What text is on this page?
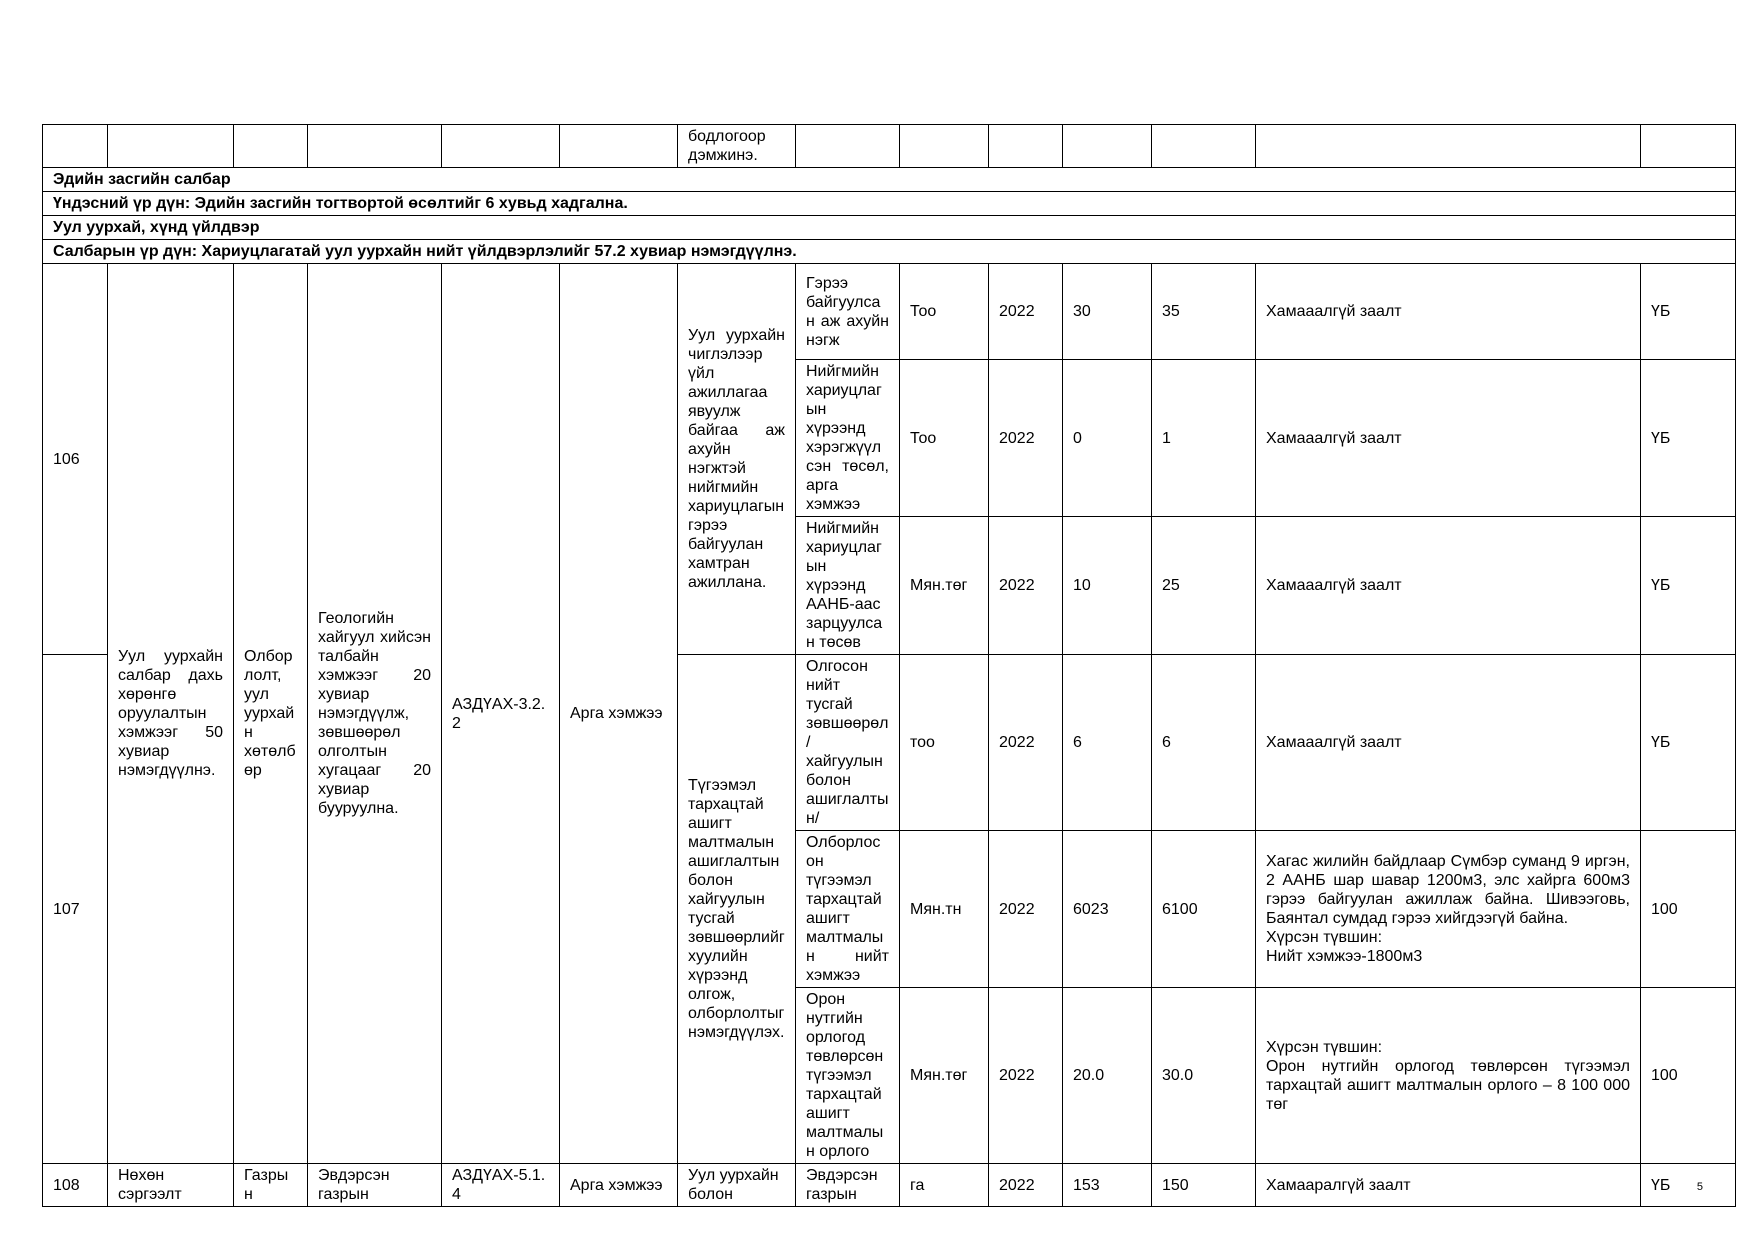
						бодлогоор дэмжинэ.							
Эдийн засгийн салбар													
Үндэсний үр дүн: Эдийн засгийн тогтвортой өсөлтийг 6 хувьд хадгална.													
Уул уурхай, хүнд үйлдвэр													
Салбарын үр дүн: Хариуцлагатай уул уурхайн нийт үйлдвэрлэлийг 57.2 хувиар нэмэгдүүлнэ.													
106	Уул уурхайн салбар дахь хөрөнгө оруулалтын хэмжээг 50 хувиар нэмэгдүүлнэ.	Олборлолт, уул уурхайн хөтөлбөр	Геологийн хайгуул хийсэн талбайн хэмжээг 20 хувиар нэмэгдүүлж, зөвшөөрөл олголтын хугацааг 20 хувиар бууруулна.	АЗДҮАХ-3.2.2	Арга хэмжээ	Уул уурхайн чиглэлээр үйл ажиллагаа явуулж байгаа аж ахуйн нэгжтэй нийгмийн хариуцлагын гэрээ байгуулан хамтран ажиллана.	Гэрээ байгуулсан аж ахуйн нэгж	Тоо	2022	30	35	Хамааалгүй заалт	ҮБ
							Нийгмийн хариуцлагын хүрээнд хэрэгжүүлсэн төсөл, арга хэмжээ	Тоо	2022	0	1	Хамааалгүй заалт	ҮБ
							Нийгмийн хариуцлагын хүрээнд ААНБ-аас зарцуулсан төсөв	Мян.төг	2022	10	25	Хамааалгүй заалт	ҮБ
107						Түгээмэл тархацтай ашигт малтмалын ашиглалтын болон хайгуулын тусгай зөвшөөрлийг хуулийн хүрээнд олгож, олборлолтыг нэмэгдүүлэх.	Олгосон нийт тусгай зөвшөөрөл/ хайгуулын болон ашиглалтын/	тоо	2022	6	6	Хамааалгүй заалт	ҮБ
							Олборлосон түгээмэл тархацтай ашигт малтмалын нийт хэмжээ	Мян.тн	2022	6023	6100	Хагас жилийн байдлаар Сүмбэр суманд 9 иргэн, 2 ААНБ шар шавар 1200м3, элс хайрга 600м3 гэрээ байгуулан ажиллаж байна. Шивээговь, Баянтал сумдад гэрээ хийгдээгүй байна.
Хүрсэн түвшин:
Нийт хэмжээ-1800м3	100
							Орон нутгийн орлогод төвлөрсөн түгээмэл тархацтай ашигт малтмалын орлого	Мян.төг	2022	20.0	30.0	Хүрсэн түвшин:
Орон нутгийн орлогод төвлөрсөн түгээмэл тархацтай ашигт малтмалын орлого – 8 100 000 төг	100
108	Нөхөн сэргээлт	Газрын	Эвдэрсэн газрын	АЗДҮАХ-5.1.4	Арга хэмжээ	Уул уурхайн болон	Эвдэрсэн газрын	га	2022	153	150	Хамааралгүй заалт	ҮБ 5
